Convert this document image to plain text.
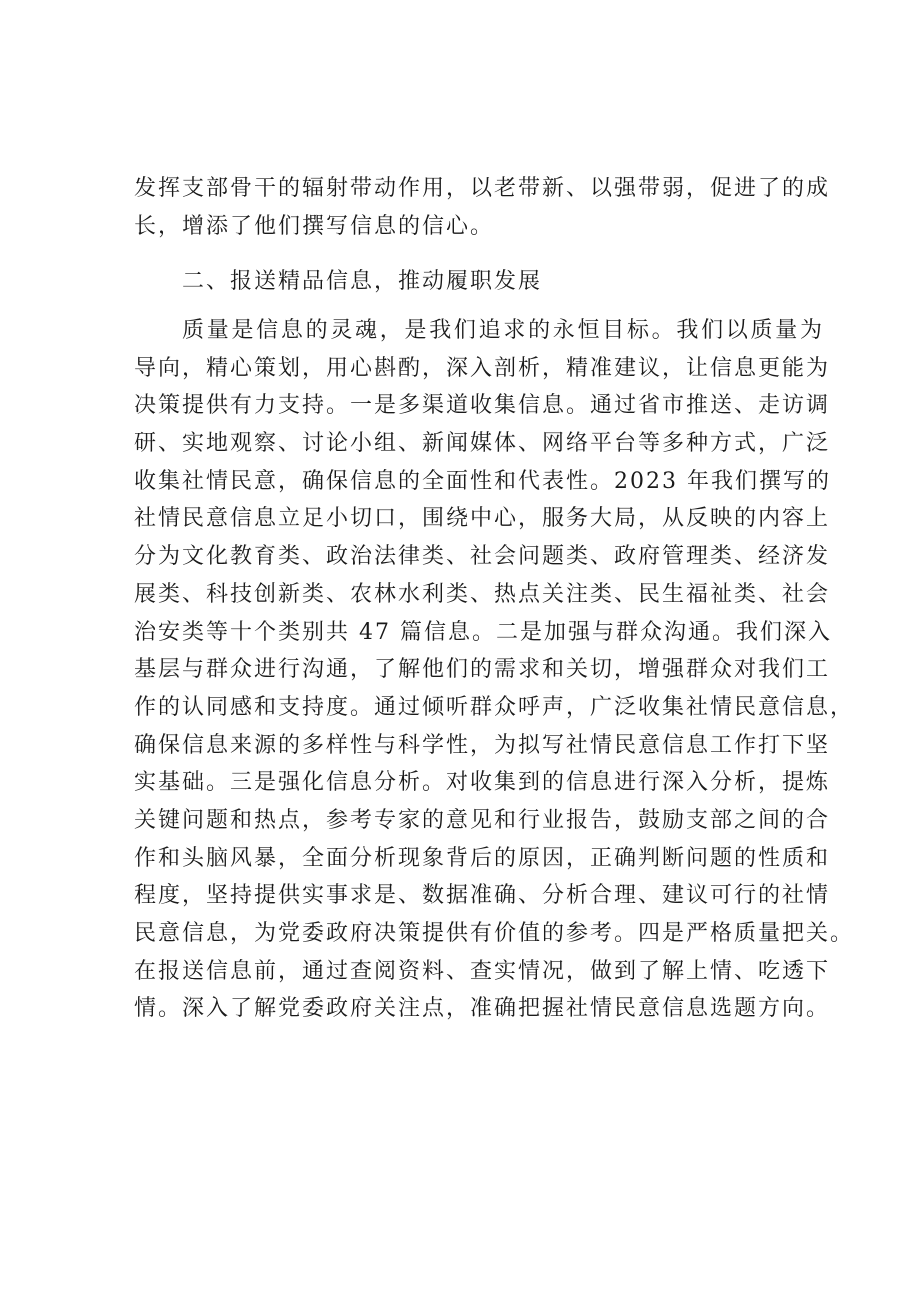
发挥支部骨干的辐射带动作用，以老带新、以强带弱，促进了的成
长，增添了他们撰写信息的信心。
二、报送精品信息，推动履职发展
质量是信息的灵魂，是我们追求的永恒目标。我们以质量为
导向，精心策划，用心斟酌，深入剖析，精准建议，让信息更能为
决策提供有力支持。一是多渠道收集信息。通过省市推送、走访调
研、实地观察、讨论小组、新闻媒体、网络平台等多种方式，广泛
收集社情民意，确保信息的全面性和代表性。2023 年我们撰写的
社情民意信息立足小切口，围绕中心，服务大局，从反映的内容上
分为文化教育类、政治法律类、社会问题类、政府管理类、经济发
展类、科技创新类、农林水利类、热点关注类、民生福祉类、社会
治安类等十个类别共 47 篇信息。二是加强与群众沟通。我们深入
基层与群众进行沟通，了解他们的需求和关切，增强群众对我们工
作的认同感和支持度。通过倾听群众呼声，广泛收集社情民意信息，
确保信息来源的多样性与科学性，为拟写社情民意信息工作打下坚
实基础。三是强化信息分析。对收集到的信息进行深入分析，提炼
关键问题和热点，参考专家的意见和行业报告，鼓励支部之间的合
作和头脑风暴，全面分析现象背后的原因，正确判断问题的性质和
程度，坚持提供实事求是、数据准确、分析合理、建议可行的社情
民意信息，为党委政府决策提供有价值的参考。四是严格质量把关。
在报送信息前，通过查阅资料、查实情况，做到了解上情、吃透下
情。深入了解党委政府关注点，准确把握社情民意信息选题方向。
